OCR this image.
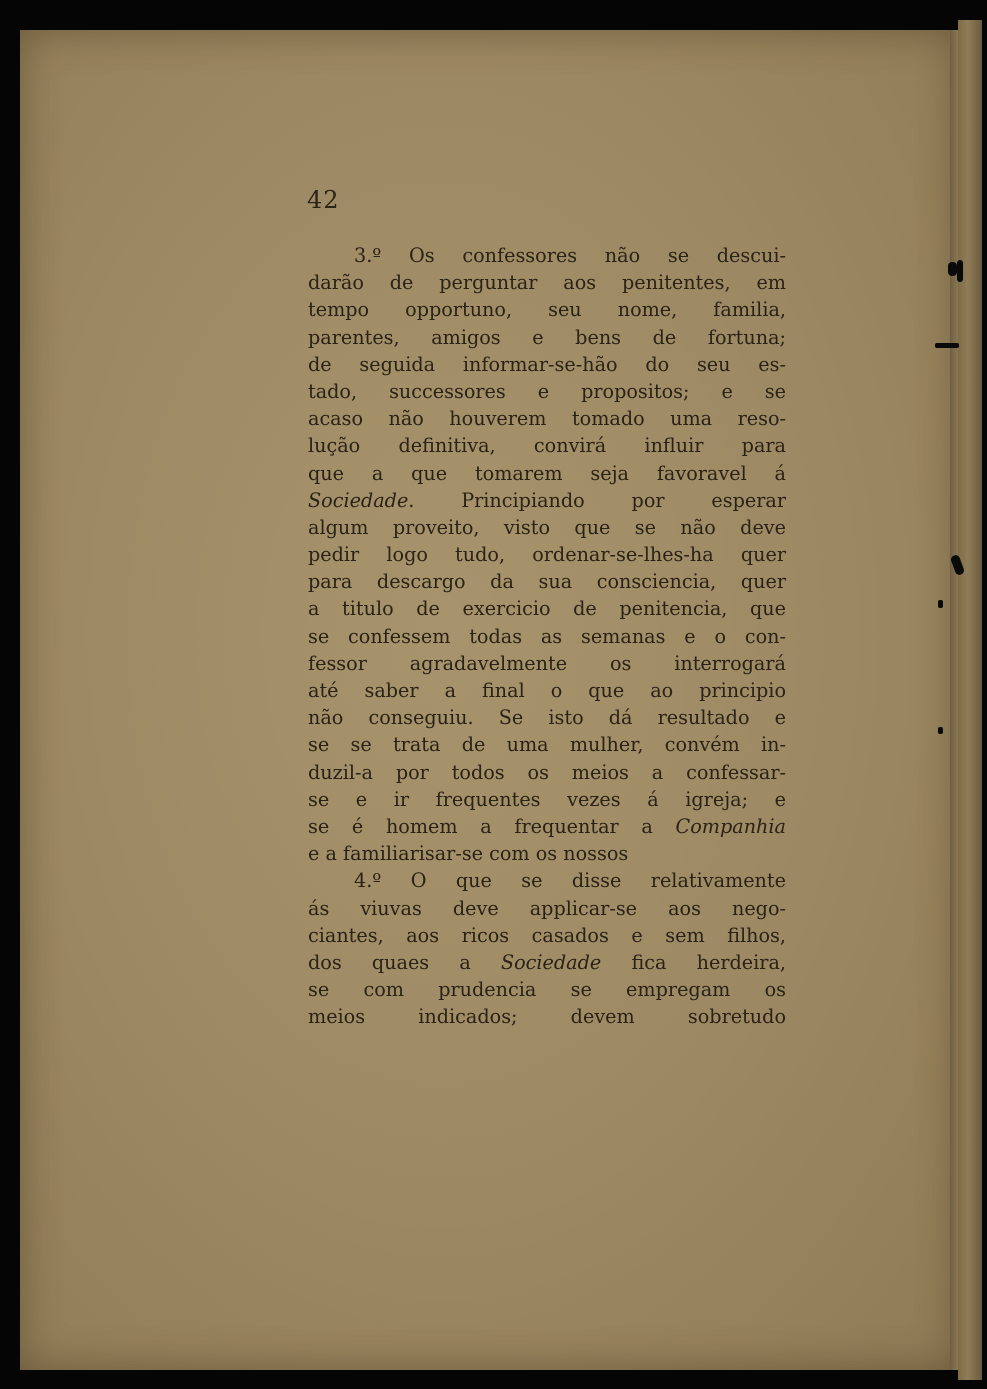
42
3.º Os confessores não se descui-
darão de perguntar aos penitentes, em
tempo opportuno, seu nome, familia,
parentes, amigos e bens de fortuna;
de seguida informar-se-hão do seu es-
tado, successores e propositos; e se
acaso não houverem tomado uma reso-
lução definitiva, convirá influir para
que a que tomarem seja favoravel á
Sociedade. Principiando por esperar
algum proveito, visto que se não deve
pedir logo tudo, ordenar-se-lhes-ha quer
para descargo da sua consciencia, quer
a titulo de exercicio de penitencia, que
se confessem todas as semanas e o con-
fessor agradavelmente os interrogará
até saber a final o que ao principio
não conseguiu. Se isto dá resultado e
se se trata de uma mulher, convém in-
duzil-a por todos os meios a confessar-
se e ir frequentes vezes á igreja; e
se é homem a frequentar a Companhia
e a familiarisar-se com os nossos
4.º O que se disse relativamente
ás viuvas deve applicar-se aos nego-
ciantes, aos ricos casados e sem filhos,
dos quaes a Sociedade fica herdeira,
se com prudencia se empregam os
meios indicados; devem sobretudo
